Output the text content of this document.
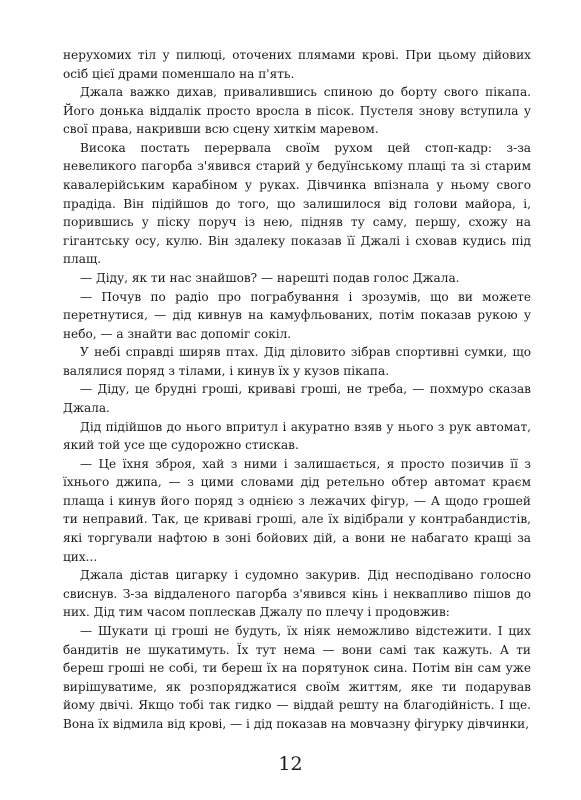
нерухомих тіл у пилюці, оточених плямами крові. При цьому дійових осіб цієї драми поменшало на п'ять.

Джала важко дихав, привалившись спиною до борту свого пікапа. Його донька віддалік просто вросла в пісок. Пустеля знову вступила у свої права, накривши всю сцену хиткім маревом.

Висока постать перервала своїм рухом цей стоп-кадр: з-за невеликого пагорба з'явився старий у бедуїнському плащі та зі старим кавалерійським карабіном у руках. Дівчинка впізнала у ньому свого прадіда. Він підійшов до того, що залишилося від голови майора, і, порившись у піску поруч із нею, підняв ту саму, першу, схожу на гігантську осу, кулю. Він здалеку показав її Джалі і сховав кудись під плащ.

— Діду, як ти нас знайшов? — нарешті подав голос Джала.

— Почув по радіо про пограбування і зрозумів, що ви можете перетнутися, — дід кивнув на камуфльованих, потім показав рукою у небо, — а знайти вас допоміг сокіл.

У небі справді ширяв птах. Дід діловито зібрав спортивні сумки, що валялися поряд з тілами, і кинув їх у кузов пікапа.

— Діду, це брудні гроші, криваві гроші, не треба, — похмуро сказав Джала.

Дід підійшов до нього впритул і акуратно взяв у нього з рук автомат, який той усе ще судорожно стискав.

— Це їхня зброя, хай з ними і залишається, я просто позичив її з їхнього джипа, — з цими словами дід ретельно обтер автомат краєм плаща і кинув його поряд з однією з лежачих фігур, — А щодо грошей ти неправий. Так, це криваві гроші, але їх відібрали у контрабандистів, які торгували нафтою в зоні бойових дій, а вони не набагато кращі за цих...

Джала дістав цигарку і судомно закурив. Дід несподівано голосно свиснув. З-за віддаленого пагорба з'явився кінь і неквапливо пішов до них. Дід тим часом поплескав Джалу по плечу і продовжив:

— Шукати ці гроші не будуть, їх ніяк неможливо відстежити. І цих бандитів не шукатимуть. Їх тут нема — вони самі так кажуть. А ти береш гроші не собі, ти береш їх на порятунок сина. Потім він сам уже вирішуватиме, як розпоряджатися своїм життям, яке ти подарував йому двічі. Якщо тобі так гидко — віддай решту на благодійність. І ще. Вона їх відмила від крові, — і дід показав на мовчазну фігурку дівчинки,

12
